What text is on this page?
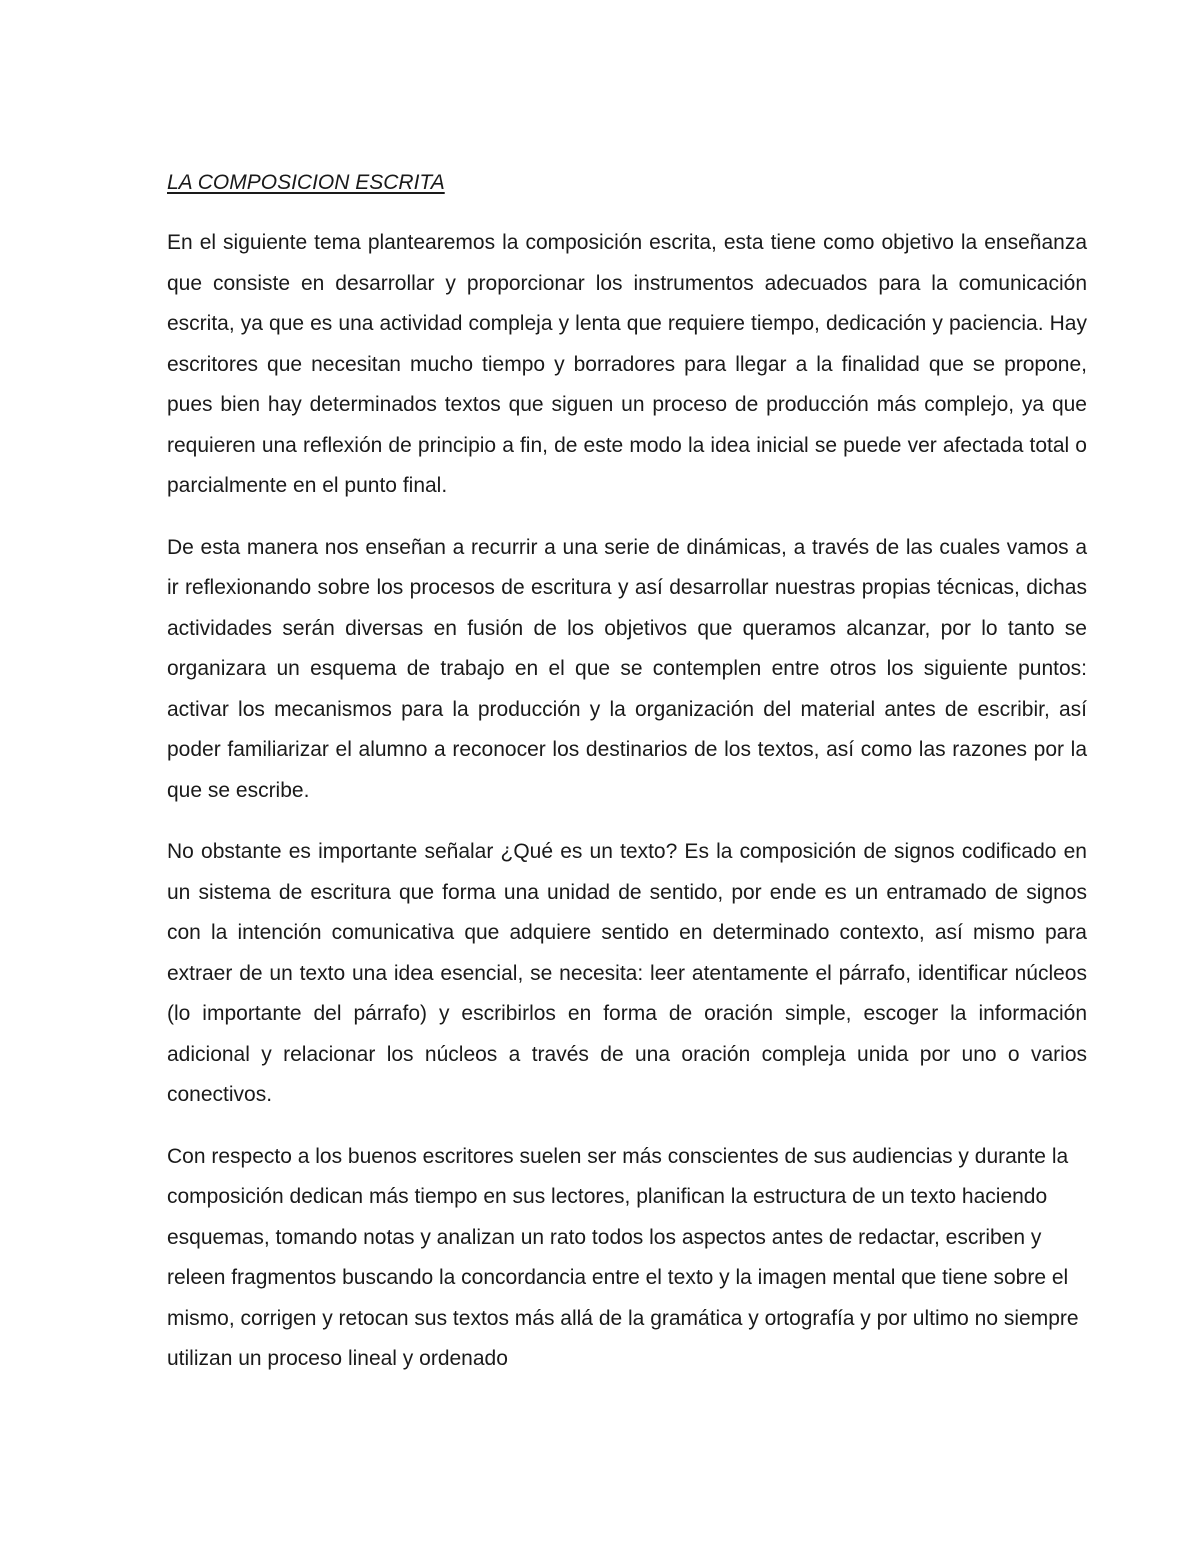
LA COMPOSICION ESCRITA

En el siguiente tema plantearemos la composición escrita, esta tiene como objetivo la enseñanza que consiste en desarrollar y proporcionar los instrumentos adecuados para la comunicación escrita, ya que es una actividad compleja y lenta que requiere tiempo, dedicación y paciencia. Hay escritores que necesitan mucho tiempo y borradores para llegar a la finalidad que se propone, pues bien hay determinados textos que siguen un proceso de producción más complejo, ya que requieren una reflexión de principio a fin, de este modo la idea inicial se puede ver afectada total o parcialmente en el punto final.

De esta manera nos enseñan a recurrir a una serie de dinámicas, a través de las cuales vamos a ir reflexionando sobre los procesos de escritura y así desarrollar nuestras propias técnicas, dichas actividades serán diversas en fusión de los objetivos que queramos alcanzar, por lo tanto se organizara un esquema de trabajo en el que se contemplen entre otros los siguiente puntos: activar los mecanismos para la producción y la organización del material antes de escribir, así poder familiarizar el alumno a reconocer los destinarios de los textos, así como las razones por la que se escribe.

No obstante es importante señalar ¿Qué es un texto? Es la composición de signos codificado en un sistema de escritura que forma una unidad de sentido, por ende es un entramado de signos con la intención comunicativa que adquiere sentido en determinado contexto, así mismo para extraer de un texto una idea esencial, se necesita: leer atentamente el párrafo, identificar núcleos (lo importante del párrafo) y escribirlos en forma de oración simple, escoger la información adicional y relacionar los núcleos a través de una oración compleja unida por uno o varios conectivos.

Con respecto a los buenos escritores suelen ser más conscientes de sus audiencias y durante la composición dedican más tiempo en sus lectores, planifican la estructura de un texto haciendo esquemas, tomando notas y analizan un rato todos los aspectos antes de redactar, escriben y releen fragmentos buscando la concordancia entre el texto y la imagen mental que tiene sobre el mismo, corrigen y retocan sus textos más allá de la gramática y ortografía y por ultimo no siempre utilizan un proceso lineal y ordenado
